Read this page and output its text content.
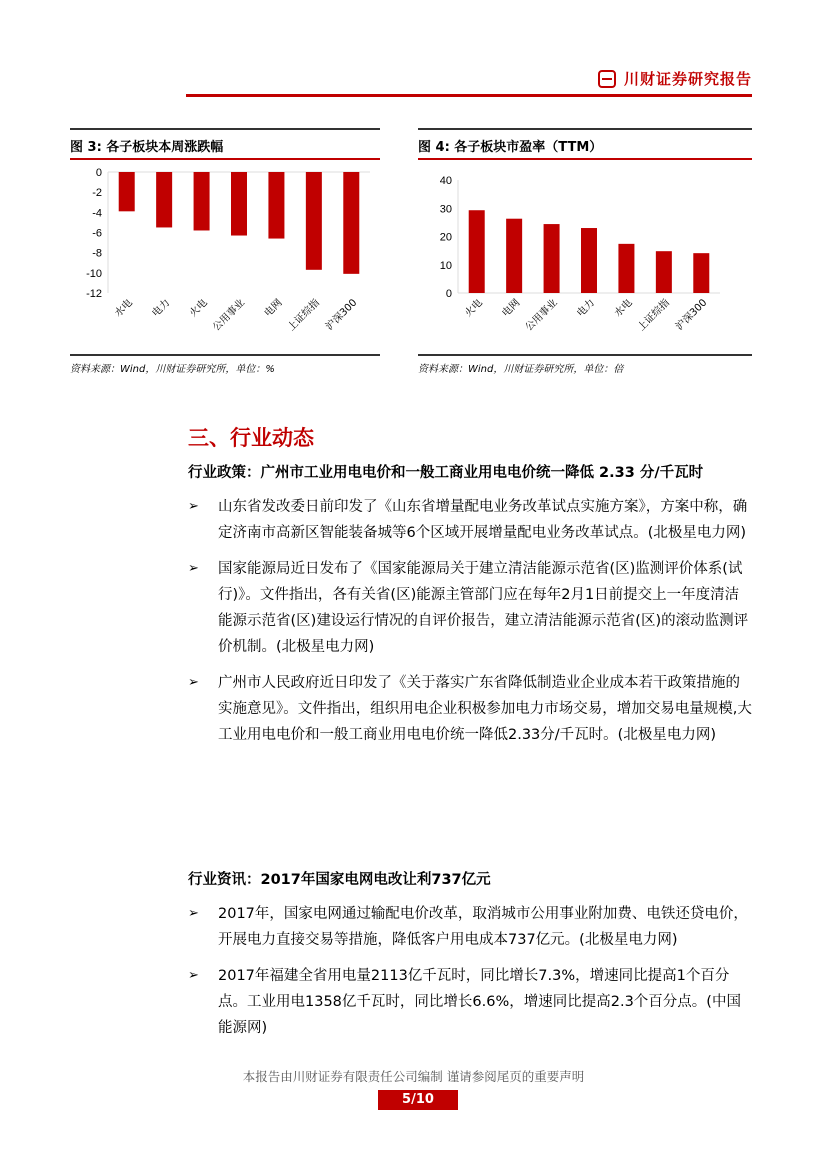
川财证券研究报告
图 3: 各子板块本周涨跌幅
0
-2
-4
-6
-8
-10
-12
水电 电力 火电 公用事业 电网 上证综指 沪深300
资料来源：Wind，川财证券研究所，单位：%
图 4: 各子板块市盈率（TTM）
40
30
20
10
0
火电 电网 公用事业 电力 水电 上证综指 沪深300
资料来源：Wind，川财证券研究所，单位：倍
三、行业动态

行业政策：广州市工业用电电价和一般工商业用电电价统一降低 2.33 分/千瓦时

➢ 山东省发改委日前印发了《山东省增量配电业务改革试点实施方案》，方案中称，确定济南市高新区智能装备城等6个区域开展增量配电业务改革试点。(北极星电力网)

➢ 国家能源局近日发布了《国家能源局关于建立清洁能源示范省(区)监测评价体系(试行)》。文件指出，各有关省(区)能源主管部门应在每年2月1日前提交上一年度清洁能源示范省(区)建设运行情况的自评价报告，建立清洁能源示范省(区)的滚动监测评价机制。(北极星电力网)

➢ 广州市人民政府近日印发了《关于落实广东省降低制造业企业成本若干政策措施的实施意见》。文件指出，组织用电企业积极参加电力市场交易，增加交易电量规模,大工业用电电价和一般工商业用电电价统一降低2.33分/千瓦时。(北极星电力网)

行业资讯：2017年国家电网电改让利737亿元

➢ 2017年，国家电网通过输配电价改革，取消城市公用事业附加费、电铁还贷电价，开展电力直接交易等措施，降低客户用电成本737亿元。(北极星电力网)

➢ 2017年福建全省用电量2113亿千瓦时，同比增长7.3%，增速同比提高1个百分点。工业用电1358亿千瓦时，同比增长6.6%，增速同比提高2.3个百分点。(中国能源网)

本报告由川财证券有限责任公司编制 谨请参阅尾页的重要声明
5/10
